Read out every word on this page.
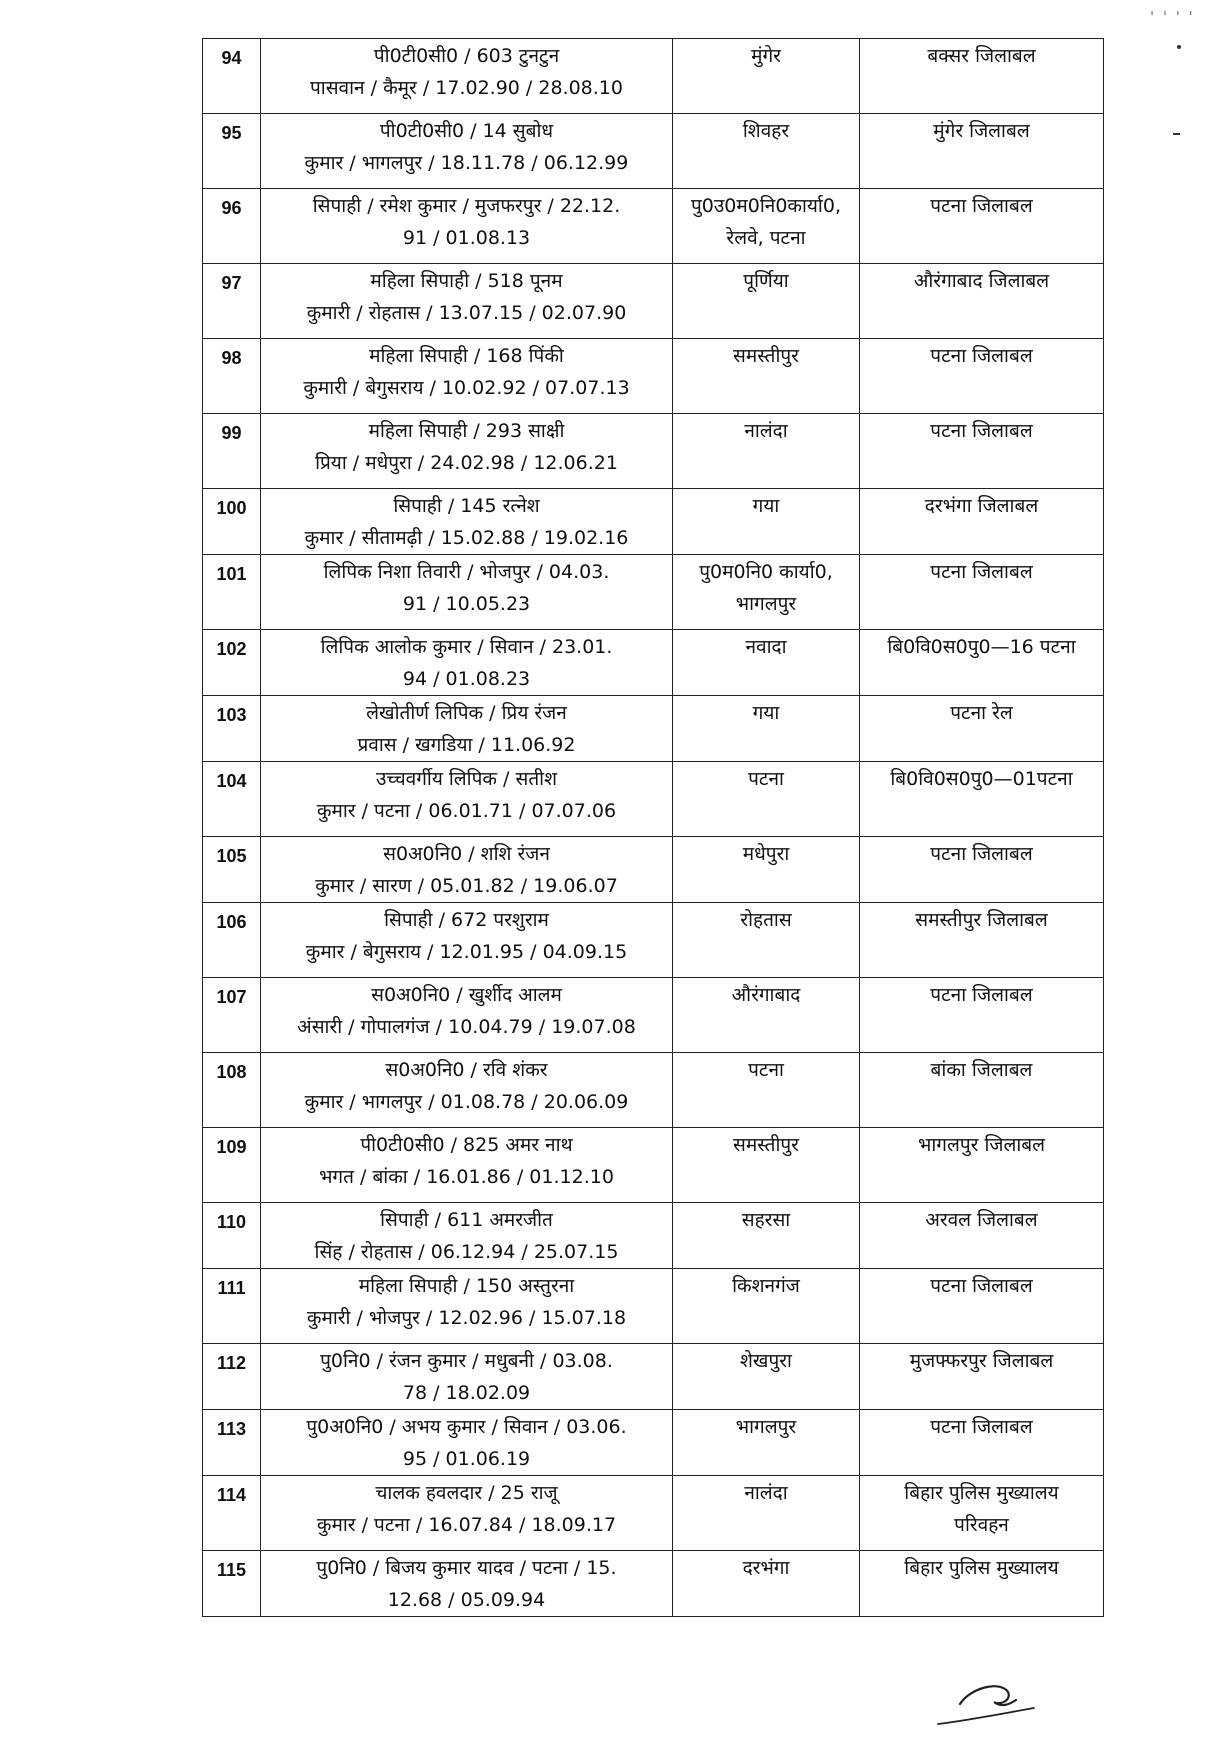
' ' ' '
94	पी0टी0सी0 / 603 टुनटुन
पासवान / कैमूर / 17.02.90 / 28.08.10	मुंगेर	बक्सर जिलाबल

95	पी0टी0सी0 / 14 सुबोध
कुमार / भागलपुर / 18.11.78 / 06.12.99	शिवहर	मुंगेर जिलाबल

96	सिपाही / रमेश कुमार / मुजफरपुर / 22.12.
91 / 01.08.13	पु0उ0म0नि0कार्या0,
रेलवे, पटना	पटना जिलाबल

97	महिला सिपाही / 518 पूनम
कुमारी / रोहतास / 13.07.15 / 02.07.90	पूर्णिया	औरंगाबाद जिलाबल

98	महिला सिपाही / 168 पिंकी
कुमारी / बेगुसराय / 10.02.92 / 07.07.13	समस्तीपुर	पटना जिलाबल

99	महिला सिपाही / 293 साक्षी
प्रिया / मधेपुरा / 24.02.98 / 12.06.21	नालंदा	पटना जिलाबल

100	सिपाही / 145 रत्नेश
कुमार / सीतामढ़ी / 15.02.88 / 19.02.16	गया	दरभंगा जिलाबल

101	लिपिक निशा तिवारी / भोजपुर / 04.03.
91 / 10.05.23	पु0म0नि0 कार्या0,
भागलपुर	पटना जिलाबल

102	लिपिक आलोक कुमार / सिवान / 23.01.
94 / 01.08.23	नवादा	बि0वि0स0पु0—16 पटना

103	लेखोतीर्ण लिपिक / प्रिय रंजन
प्रवास / खगडिया / 11.06.92	गया	पटना रेल

104	उच्चवर्गीय लिपिक / सतीश
कुमार / पटना / 06.01.71 / 07.07.06	पटना	बि0वि0स0पु0—01पटना

105	स0अ0नि0 / शशि रंजन
कुमार / सारण / 05.01.82 / 19.06.07	मधेपुरा	पटना जिलाबल

106	सिपाही / 672 परशुराम
कुमार / बेगुसराय / 12.01.95 / 04.09.15	रोहतास	समस्तीपुर जिलाबल

107	स0अ0नि0 / खुर्शीद आलम
अंसारी / गोपालगंज / 10.04.79 / 19.07.08	औरंगाबाद	पटना जिलाबल

108	स0अ0नि0 / रवि शंकर
कुमार / भागलपुर / 01.08.78 / 20.06.09	पटना	बांका जिलाबल

109	पी0टी0सी0 / 825 अमर नाथ
भगत / बांका / 16.01.86 / 01.12.10	समस्तीपुर	भागलपुर जिलाबल

110	सिपाही / 611 अमरजीत
सिंह / रोहतास / 06.12.94 / 25.07.15	सहरसा	अरवल जिलाबल

111	महिला सिपाही / 150 अस्तुरना
कुमारी / भोजपुर / 12.02.96 / 15.07.18	किशनगंज	पटना जिलाबल

112	पु0नि0 / रंजन कुमार / मधुबनी / 03.08.
78 / 18.02.09	शेखपुरा	मुजफ्फरपुर जिलाबल

113	पु0अ0नि0 / अभय कुमार / सिवान / 03.06.
95 / 01.06.19	भागलपुर	पटना जिलाबल

114	चालक हवलदार / 25 राजू
कुमार / पटना / 16.07.84 / 18.09.17	नालंदा	बिहार पुलिस मुख्यालय
परिवहन

115	पु0नि0 / बिजय कुमार यादव / पटना / 15.
12.68 / 05.09.94	दरभंगा	बिहार पुलिस मुख्यालय
